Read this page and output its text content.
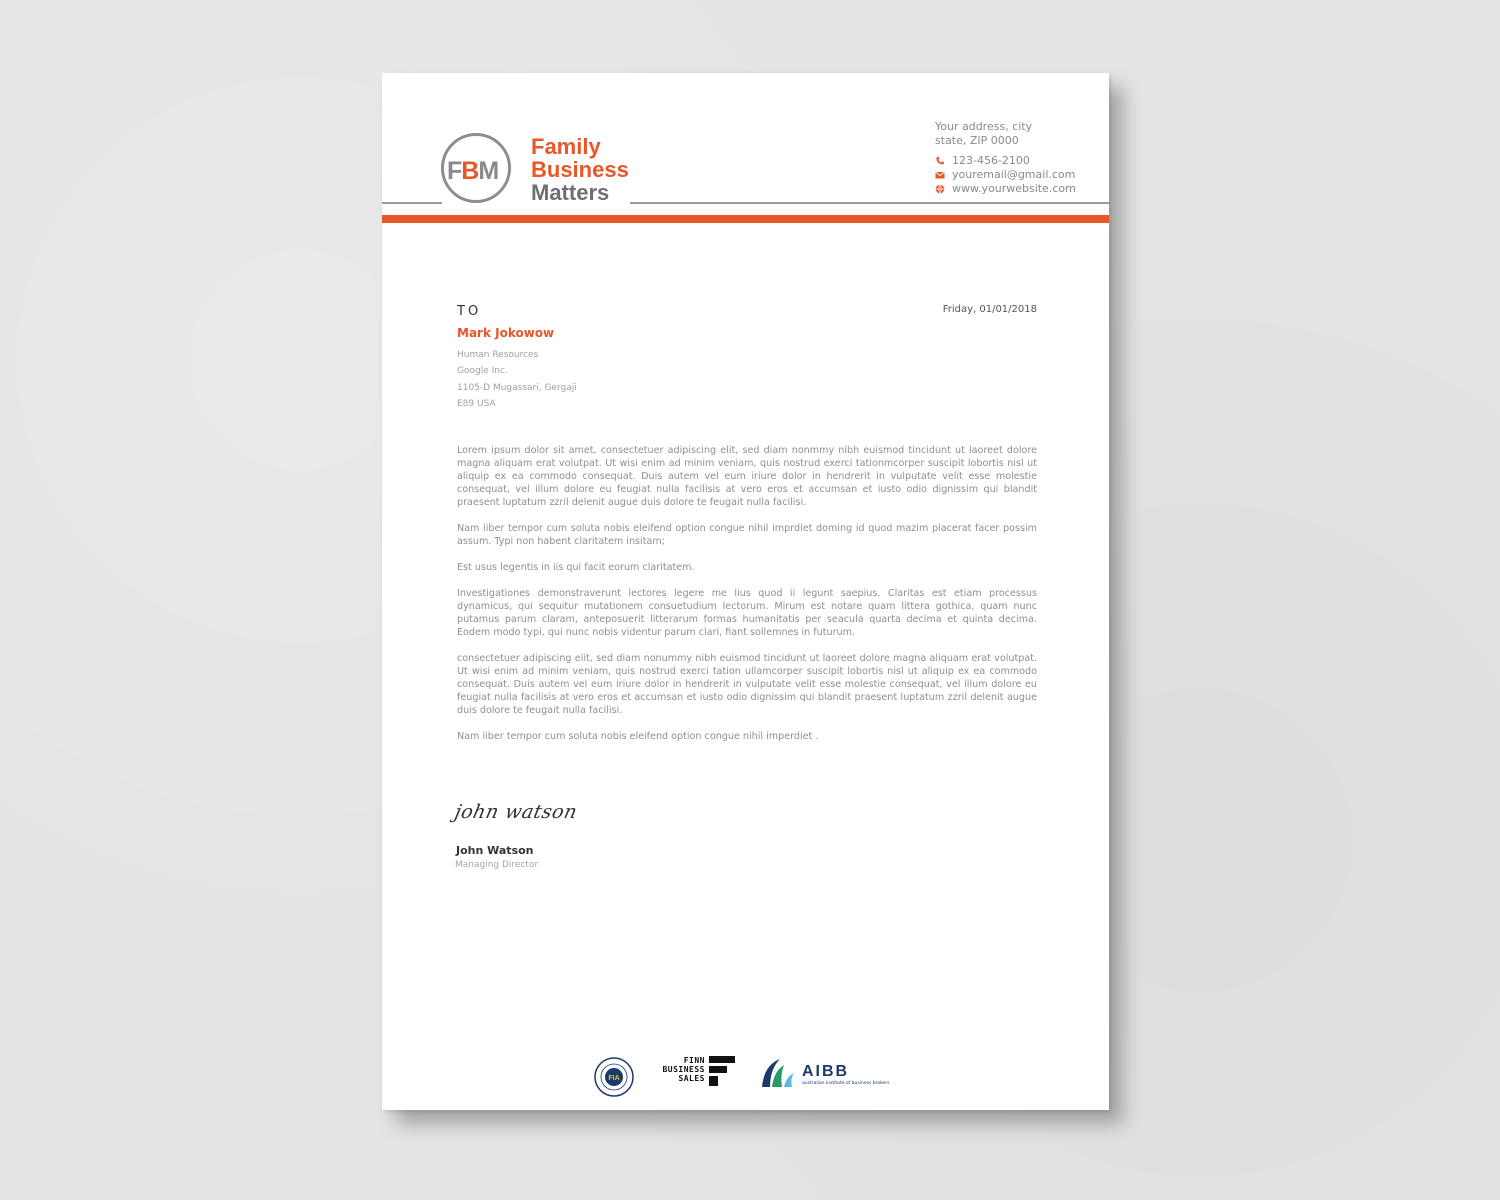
FBM
Family
Business
Matters
Your address, city
state, ZIP 0000
123-456-2100
youremail@gmail.com
www.yourwebsite.com
TO	Friday, 01/01/2018
Mark Jokowow
Human Resources
Google Inc.
1105-D Mugassari, Gergaji
E89 USA

Lorem ipsum dolor sit amet, consectetuer adipiscing elit, sed diam nonmmy nibh euismod tincidunt ut laoreet dolore magna aliquam erat volutpat. Ut wisi enim ad minim veniam, quis nostrud exerci tationmcorper suscipit lobortis nisl ut aliquip ex ea commodo consequat. Duis autem vel eum iriure dolor in hendrerit in vulputate velit esse molestie consequat, vel illum dolore eu feugiat nulla facilisis at vero eros et accumsan et iusto odio dignissim qui blandit praesent luptatum zzril delenit augue duis dolore te feugait nulla facilisi.

Nam liber tempor cum soluta nobis eleifend option congue nihil imprdiet doming id quod mazim placerat facer possim assum. Typi non habent claritatem insitam;

Est usus legentis in iis qui facit eorum claritatem.

Investigationes demonstraverunt lectores legere me lius quod ii legunt saepius. Claritas est etiam processus dynamicus, qui sequitur mutationem consuetudium lectorum. Mirum est notare quam littera gothica, quam nunc putamus parum claram, anteposuerit litterarum formas humanitatis per seacula quarta decima et quinta decima. Eodem modo typi, qui nunc nobis videntur parum clari, fiant sollemnes in futurum.

consectetuer adipiscing elit, sed diam nonummy nibh euismod tincidunt ut laoreet dolore magna aliquam erat volutpat. Ut wisi enim ad minim veniam, quis nostrud exerci tation ullamcorper suscipit lobortis nisl ut aliquip ex ea commodo consequat. Duis autem vel eum iriure dolor in hendrerit in vulputate velit esse molestie consequat, vel illum dolore eu feugiat nulla facilisis at vero eros et accumsan et iusto odio dignissim qui blandit praesent luptatum zzril delenit augue duis dolore te feugait nulla facilisi.

Nam liber tempor cum soluta nobis eleifend option congue nihil imperdiet .

john watson
John Watson
Managing Director
FIA
FINN
BUSINESS
SALES	AIBB
australian institute of business brokers
